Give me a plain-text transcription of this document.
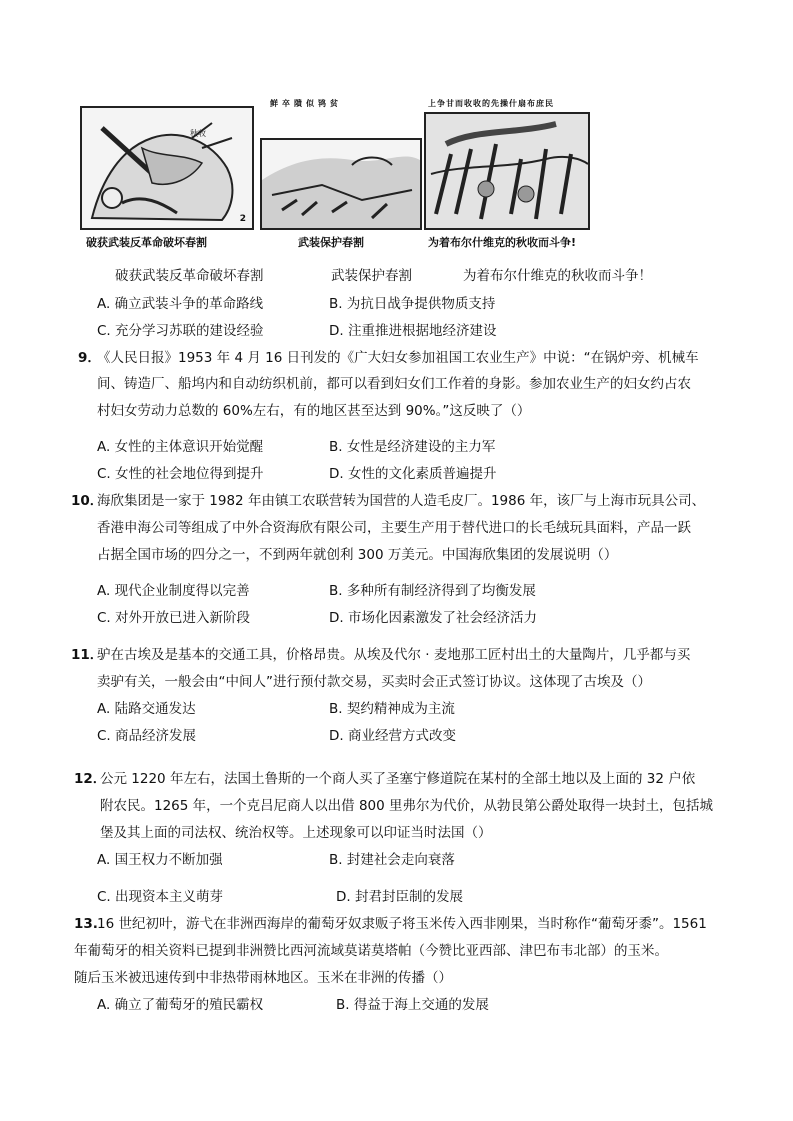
秋收
2
破获武装反革命破坏春割
鲜卒隤似鸨贫
武装保护春割
上争甘而收收的先操什扇布庶民
为着布尔什维克的秋收而斗争!
破获武装反革命破坏春割	武装保护春割	为着布尔什维克的秋收而斗争！
A. 确立武装斗争的革命路线	B. 为抗日战争提供物质支持
C. 充分学习苏联的建设经验	D. 注重推进根据地经济建设
9．
《人民日报》1953 年 4 月 16 日刊发的《广大妇女参加祖国工农业生产》中说：“在锅炉旁、机械车
间、铸造厂、船坞内和自动纺织机前，都可以看到妇女们工作着的身影。参加农业生产的妇女约占农
村妇女劳动力总数的 60%左右，有的地区甚至达到 90%。”这反映了（）
A. 女性的主体意识开始觉醒	B. 女性是经济建设的主力军
C. 女性的社会地位得到提升	D. 女性的文化素质普遍提升
10．
海欣集团是一家于 1982 年由镇工农联营转为国营的人造毛皮厂。1986 年，该厂与上海市玩具公司、
香港申海公司等组成了中外合资海欣有限公司，主要生产用于替代进口的长毛绒玩具面料，产品一跃
占据全国市场的四分之一，不到两年就创利 300 万美元。中国海欣集团的发展说明（）
A. 现代企业制度得以完善	B. 多种所有制经济得到了均衡发展
C. 对外开放已进入新阶段	D. 市场化因素激发了社会经济活力
11．
驴在古埃及是基本的交通工具，价格昂贵。从埃及代尔 · 麦地那工匠村出土的大量陶片，几乎都与买
卖驴有关，一般会由“中间人”进行预付款交易，买卖时会正式签订协议。这体现了古埃及（）
A. 陆路交通发达	B. 契约精神成为主流
C. 商品经济发展	D. 商业经营方式改变
12．
公元 1220 年左右，法国土鲁斯的一个商人买了圣塞宁修道院在某村的全部土地以及上面的 32 户依
附农民。1265 年，一个克吕尼商人以出借 800 里弗尔为代价，从勃艮第公爵处取得一块封土，包括城
堡及其上面的司法权、统治权等。上述现象可以印证当时法国（）
A. 国王权力不断加强	B. 封建社会走向衰落
C. 出现资本主义萌芽	D. 封君封臣制的发展
13. 16 世纪初叶，游弋在非洲西海岸的葡萄牙奴隶贩子将玉米传入西非刚果，当时称作“葡萄牙黍”。1561
年葡萄牙的相关资料已提到非洲赞比西河流域莫诺莫塔帕（今赞比亚西部、津巴布韦北部）的玉米。
随后玉米被迅速传到中非热带雨林地区。玉米在非洲的传播（）
A. 确立了葡萄牙的殖民霸权	B. 得益于海上交通的发展
